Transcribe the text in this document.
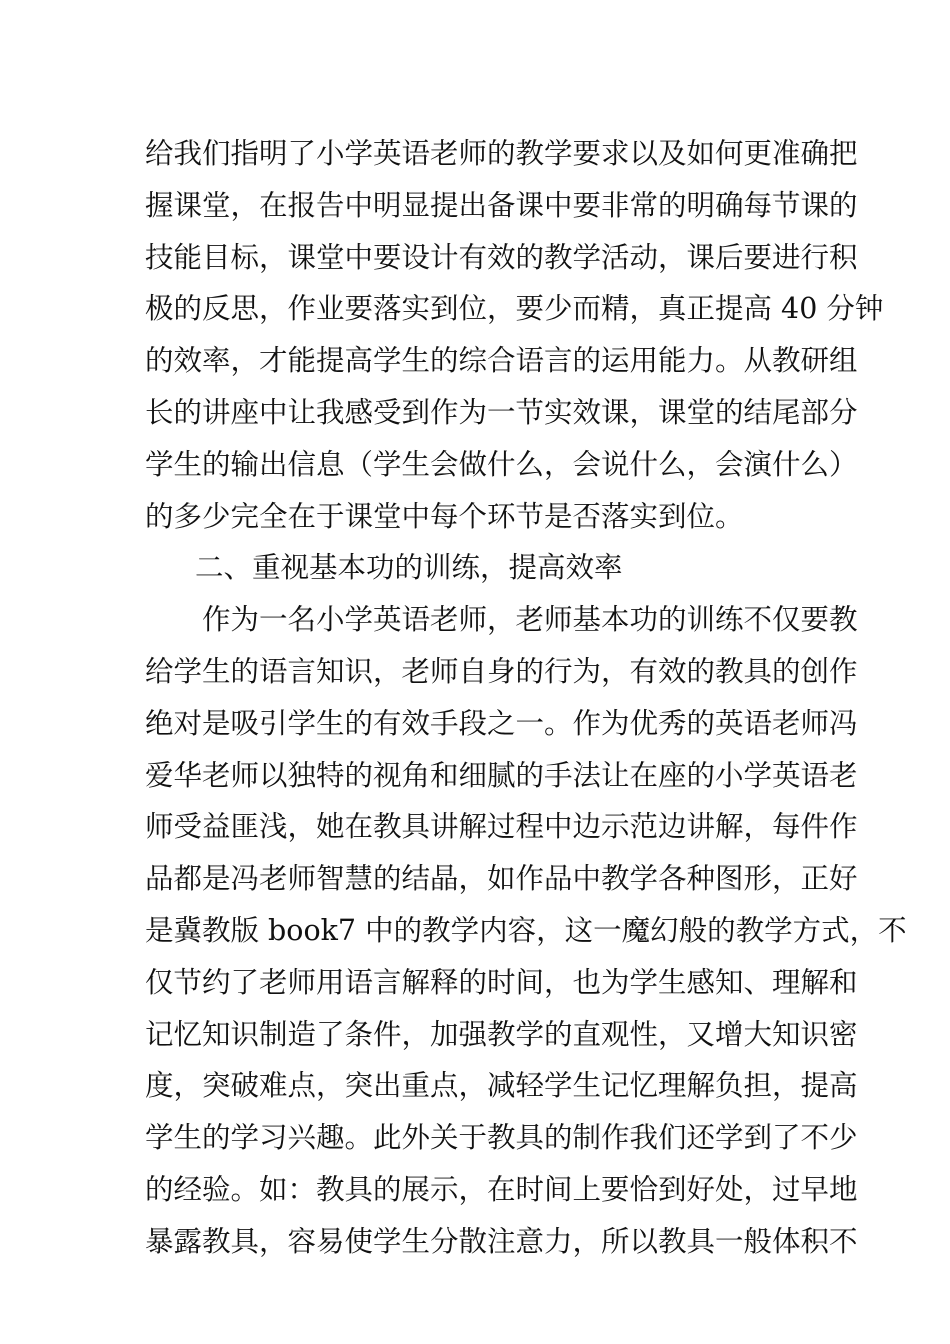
给我们指明了小学英语老师的教学要求以及如何更准确把
握课堂，在报告中明显提出备课中要非常的明确每节课的
技能目标，课堂中要设计有效的教学活动，课后要进行积
极的反思，作业要落实到位，要少而精，真正提高 40 分钟
的效率，才能提高学生的综合语言的运用能力。从教研组
长的讲座中让我感受到作为一节实效课，课堂的结尾部分
学生的输出信息（学生会做什么，会说什么，会演什么）
的多少完全在于课堂中每个环节是否落实到位。
二、重视基本功的训练，提高效率
作为一名小学英语老师，老师基本功的训练不仅要教
给学生的语言知识，老师自身的行为，有效的教具的创作
绝对是吸引学生的有效手段之一。作为优秀的英语老师冯
爱华老师以独特的视角和细腻的手法让在座的小学英语老
师受益匪浅，她在教具讲解过程中边示范边讲解，每件作
品都是冯老师智慧的结晶，如作品中教学各种图形，正好
是冀教版 book7 中的教学内容，这一魔幻般的教学方式，不
仅节约了老师用语言解释的时间，也为学生感知、理解和
记忆知识制造了条件，加强教学的直观性，又增大知识密
度，突破难点，突出重点，减轻学生记忆理解负担，提高
学生的学习兴趣。此外关于教具的制作我们还学到了不少
的经验。如：教具的展示，在时间上要恰到好处，过早地
暴露教具，容易使学生分散注意力，所以教具一般体积不
